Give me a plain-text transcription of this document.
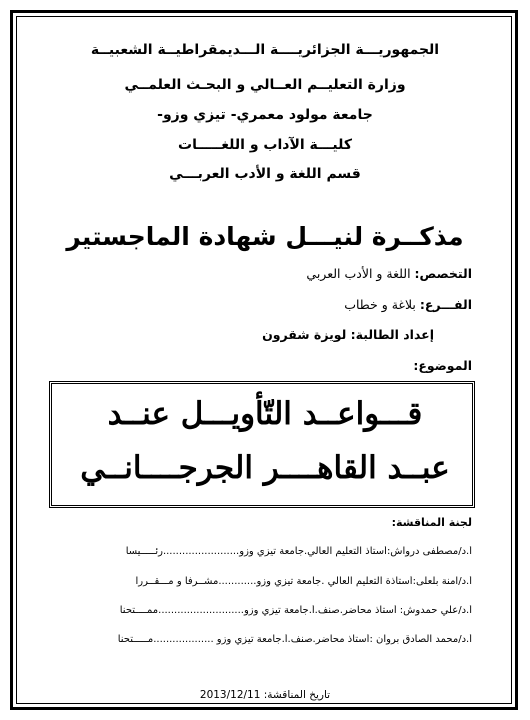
الجمهوريـــة الجزائريــــة الـــديمقراطيــة الشعبيــة
وزارة التعليــم العــالي و البحـث العلمــي
جامعة مولود معمري- تيزي وزو-
كليـــة الآداب و اللغـــــات
قسم اللغة و الأدب العربـــي
مذكــرة لنيـــل شهادة الماجستير
التخصص: اللغة و الأدب العربي
الفـــرع: بلاغة و خطاب
إعداد الطالبة: لويزة شقرون
الموضوع:
قـــواعــد التّأويـــل عنــد
عبــد القاهــــر الجرجــــانــي
لجنة المناقشة:
أ.د/مصطفى درواش:أستاذ التعليم العالي.جامعة تيزي وزو........................رئـــــيسا
أ.د/آمنة بلعلى:أستاذة التعليم العالي .جامعة تيزي وزو............مشــرفا و مـــقــررا
أ.د/علي حمدوش: أستاذ محاضر.صنف.أ.جامعة تيزي وزو...........................ممــــتحنا
أ.د/محمد الصادق بروان :أستاذ محاضر.صنف.أ.جامعة تيزي وزو ...................مـــــتحنا
تاريخ المناقشة: 2013/12/11
